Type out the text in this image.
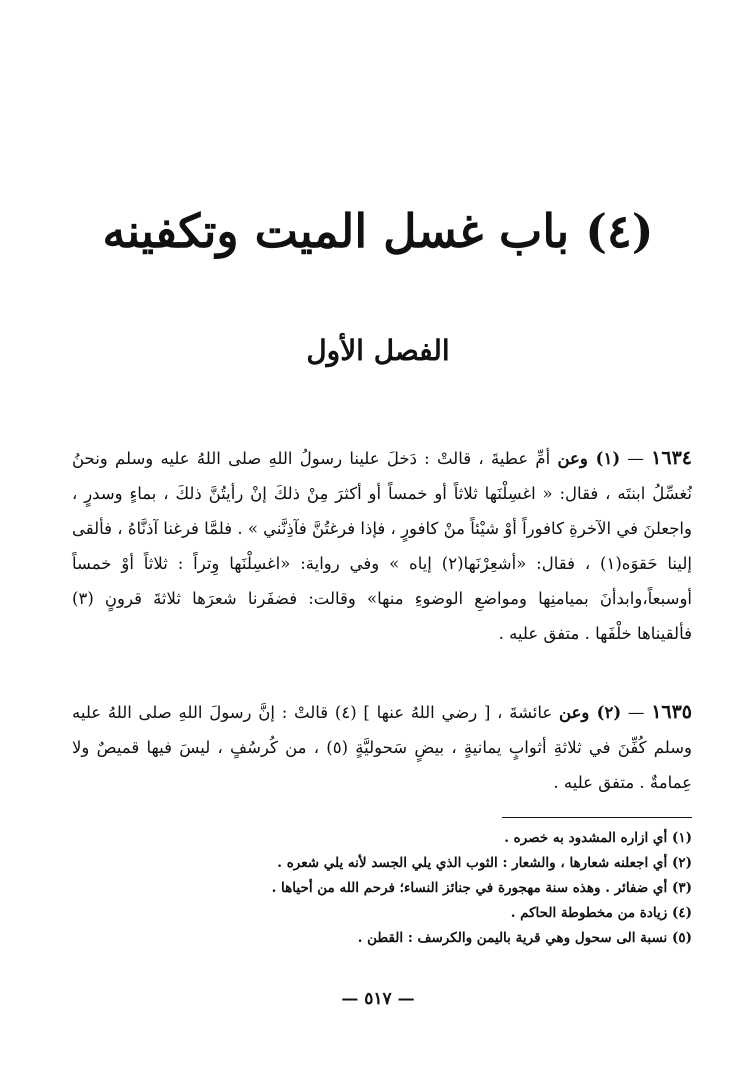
(٤) باب غسل الميت وتكفينه
الفصل الأول

١٦٣٤ — (١) وعن أمِّ عطيةَ ، قالتْ : دَخلَ علينا رسولُ اللهِ صلى اللهُ عليه وسلم ونحنُ نُغسِّلُ ابنتَه ، فقال: « اغسِلْنَها ثلاثاً أو خمساً أو أكثرَ مِنْ ذلكَ إنْ رأيتُنَّ ذلكَ ، بماءٍ وسدرٍ ، واجعلنَ في الآخرةِ كافوراً أوْ شيْئاً منْ كافورٍ ، فإذا فرغتُنَّ فآذِنَّني » . فلمَّا فرغنا آذنَّاهُ ، فألقى إلينا حَقوَه(١) ، فقال: «أشعِرْنَها(٢) إياه » وفي رواية: «اغسِلْنَها وِتراً : ثلاثاً أوْ خمساً أوسبعاً،وابدأنَ بميامنِها ومواضعِ الوضوءِ منها» وقالت: فضفَرنا شعرَها ثلاثةَ قرونٍ (٣) فألقيناها خلْفَها . متفق عليه .

١٦٣٥ — (٢) وعن عائشةَ ، [ رضي اللهُ عنها ] (٤) قالتْ : إنَّ رسولَ اللهِ صلى اللهُ عليه وسلم كُفِّنَ في ثلاثةِ أثوابٍ يمانيةٍ ، بيضٍ سَحوليَّةٍ (٥) ، من كُرسُفٍ ، ليسَ فيها قميصٌ ولا عِمامةٌ . متفق عليه .

(١) أي ازاره المشدود به خصره .
(٢) أي اجعلنه شعارها ، والشعار : الثوب الذي يلي الجسد لأنه يلي شعره .
(٣) أي ضفائر . وهذه سنة مهجورة في جنائز النساء؛ فرحم الله من أحياها .
(٤) زيادة من مخطوطة الحاكم .
(٥) نسبة الى سحول وهي قرية باليمن والكرسف : القطن .
— ٥١٧ —
